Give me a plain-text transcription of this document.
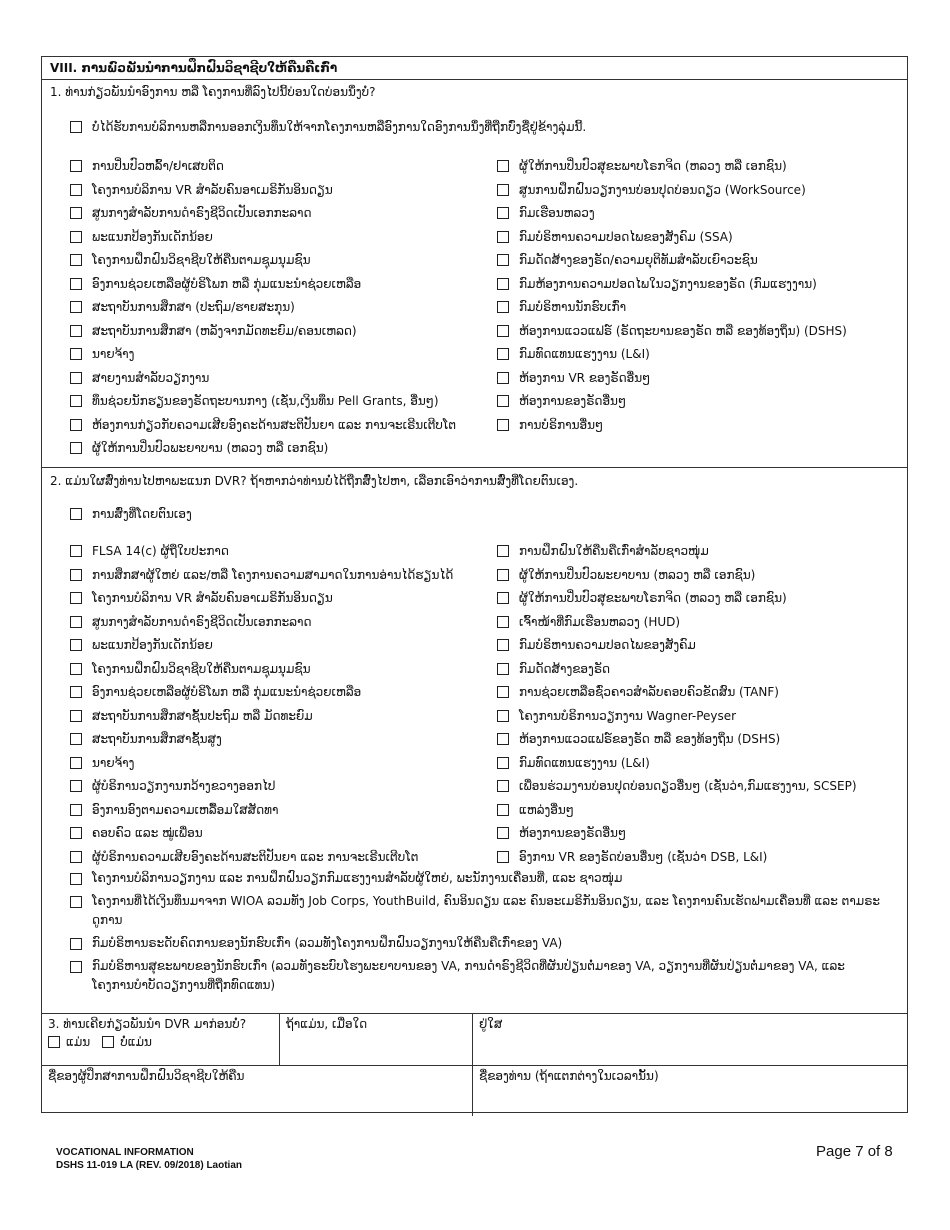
VIII. ການພົວພັນນຳການຝຶກຝົນວິຊາຊີບໃຫ້ຄືນຄືເກົ່າ
1. ທ່ານກ່ຽວພັນນຳອົງການ ຫລື ໂຄງການທີ່ລົງໄປນີ້ບ່ອນໃດບ່ອນນຶ່ງບໍ່?
ບໍ່ໄດ້ຮັບການບໍລິການຫລືການອອກເງິນທຶນໃຫ້ຈາກໂຄງການຫລືອົງການໃດອົງການນຶ່ງທີ່ຖືກບົ່ງຊື່ຢູ່ຂ້າງລຸ່ມນີ້.
ການປິ່ນປົວຫລົ້າ/ຢາເສບຕິດ
ໂຄງການບໍລິການ VR ສຳລັບຄົນອາເມຣິກັນອິນດຽນ
ສູນກາງສຳລັບການດຳຣົງຊີວິດເປັນເອກກະລາດ
ພະແນກປ້ອງກັນເດັກນ້ອຍ
ໂຄງການຝຶກຝົນວິຊາຊີບໃຫ້ຄືນຕາມຊຸມນຸມຊົນ
ອົງການຊ່ວຍເຫລືອຜູ້ບໍຣິໂພກ ຫລື ກຸ່ມແນະນຳຊ່ວຍເຫລືອ
ສະຖາບັນການສຶກສາ (ປະຖົມ/ຮາຍສະກຸນ)
ສະຖາບັນການສຶກສາ (ຫລັງຈາກມັດທະຍົມ/ຄອນເຫລດ)
ນາຍຈ້າງ
ສາຍງານສຳລັບວຽກງານ
ທຶນຊ່ວຍນັກຮຽນຂອງຣັດຖະບານກາງ (ເຊັ່ນ,ເງິນທຶນ Pell Grants, ອື່ນໆ)
ຫ້ອງການກ່ຽວກັບຄວາມເສີຍອົງຄະດ້ານສະຕິປັນຍາ ແລະ ການຈະເຣີນເຕີບໂຕ
ຜູ້ໃຫ້ການປິ່ນປົວພະຍາບານ (ຫລວງ ຫລື ເອກຊົນ)
ຜູ້ໃຫ້ການປິ່ນປົວສຸຂະພາບໂຣກຈິດ (ຫລວງ ຫລື ເອກຊົນ)
ສູນການຝຶກຝົນວຽກງານບ່ອນປຸດບ່ອນດຽວ (WorkSource)
ກົມເຮືອນຫລວງ
ກົມບໍຣິຫານຄວາມປອດໄພຂອງສັງຄົມ (SSA)
ກົມດັດສ້າງຂອງຣັດ/ຄວາມຍຸຕິທັມສຳລັບເຍົາວະຊົນ
ກົມຫ້ອງການຄວາມປອດໄພໃນວຽກງານຂອງຣັດ (ກົມແຮງງານ)
ກົມບໍຣິຫານນັກຮົບເກົ່າ
ຫ້ອງການແວວແຟຣ໌ (ຣັດຖະບານຂອງຣັດ ຫລື ຂອງທ້ອງຖິ່ນ) (DSHS)
ກົມທົດແທນແຮງງານ (L&I)
ຫ້ອງການ VR ຂອງຣັດອື່ນໆ
ຫ້ອງການຂອງຣັດອື່ນໆ
ການບໍຣິການອື່ນໆ
2. ແມ່ນໃຜສົ່ງທ່ານໄປຫາພະແນກ DVR? ຖ້າຫາກວ່າທ່ານບໍ່ໄດ້ຖືກສົ່ງໄປຫາ, ເລືອກເອົາວ່າການສົ່ງທີ່ໂດຍຕົນເອງ.
ການສົ່ງທີ່ໂດຍຕົນເອງ
FLSA 14(c) ຜູ້ຖືໃບປະກາດ
ການສຶກສາຜູ້ໃຫຍ່ ແລະ/ຫລື ໂຄງການຄວາມສາມາດໃນການອ່ານໄດ້ຮຽນໄດ້
ໂຄງການບໍລິການ VR ສຳລັບຄົນອາເມຣິກັນອິນດຽນ
ສູນກາງສຳລັບການດຳຣົງຊີວິດເປັນເອກກະລາດ
ພະແນກປ້ອງກັນເດັກນ້ອຍ
ໂຄງການຝຶກຝົນວິຊາຊີບໃຫ້ຄືນຕາມຊຸມນຸມຊົນ
ອົງການຊ່ວຍເຫລືອຜູ້ບໍຣິໂພກ ຫລື ກຸ່ມແນະນຳຊ່ວຍເຫລືອ
ສະຖາບັນການສຶກສາຊັ້ນປະຖົມ ຫລື ມັດທະຍົມ
ສະຖາບັນການສຶກສາຊັ້ນສູງ
ນາຍຈ້າງ
ຜູ້ບໍຣິການວຽກງານກວ້າງຂວາງອອກໄປ
ອົງການອົງຕາມຄວາມເຫລື້ອມໃສສັດທາ
ຄອບຄົວ ແລະ ໝູ່ເພື່ອນ
ຜູ້ບໍຣິການຄວາມເສີຍອົງຄະດ້ານສະຕິປັນຍາ ແລະ ການຈະເຣີນເຕີບໂຕ
ການຝຶກຝົນໃຫ້ຄືນຄືເກົ່າສຳລັບຊາວໜຸ່ມ
ຜູ້ໃຫ້ການປິ່ນປົວພະຍາບານ (ຫລວງ ຫລື ເອກຊົນ)
ຜູ້ໃຫ້ການປິ່ນປົວສຸຂະພາບໂຣກຈິດ (ຫລວງ ຫລື ເອກຊົນ)
ເຈົ້າໜ້າທີ່ກົມເຮືອນຫລວງ (HUD)
ກົມບໍຣິຫານຄວາມປອດໄພຂອງສັງຄົມ
ກົມດັດສ້າງຂອງຣັດ
ການຊ່ວຍເຫລືອຊົ່ວຄາວສຳລັບຄອບຄົວຂັດສົນ (TANF)
ໂຄງການບໍຣິການວຽກງານ Wagner-Peyser
ຫ້ອງການແວວແຟຣ໌ຂອງຣັດ ຫລື ຂອງທ້ອງຖິ່ນ (DSHS)
ກົມທົດແທນແຮງງານ (L&I)
ເພື່ອນຮ່ວມງານບ່ອນປຸດບ່ອນດຽວອື່ນໆ (ເຊັ່ນວ່າ,ກົມແຮງງານ, SCSEP)
ແຫລ່ງອື່ນໆ
ຫ້ອງການຂອງຣັດອື່ນໆ
ອົງການ VR ຂອງຣັດບ່ອນອື່ນໆ (ເຊັ່ນວ່າ DSB, L&I)
ໂຄງການບໍລິການວຽກງານ ແລະ ການຝຶກຝົນວຽກກົມແຮງງານສຳລັບຜູ້ໃຫຍ່, ພະນັກງານເຄື່ອນທີ່, ແລະ ຊາວໜຸ່ມ
ໂຄງການທີ່ໄດ້ເງິນທຶນມາຈາກ WIOA ລວມທັງ Job Corps, YouthBuild, ຄົນອິນດຽນ ແລະ ຄົນອະເມຣິກັນອິນດຽນ, ແລະ ໂຄງການຄົນເຮັດຟາມເຄື່ອນທີ່ ແລະ ຕາມຣະດູການ
ກົມບໍຣິຫານຣະດັບຄົດການຂອງນັກຮົບເກົ່າ (ລວມທັງໂຄງການຝຶກຝົນວຽກງານໃຫ້ຄືນຄືເກົ່າຂອງ VA)
ກົມບໍຣິຫານສຸຂະພາບຂອງນັກຮົບເກົ່າ (ລວມທັງຣະບົບໂຮງພະຍາບານຂອງ VA, ການດຳຣົງຊີວິດທີ່ຜັນປ່ຽນຕໍ່ມາຂອງ VA, ວຽກງານທີ່ຜັນປ່ຽນຕໍ່ມາຂອງ VA, ແລະ ໂຄງການບຳບັດວຽກງານທີ່ຖືກທົດແທນ)
3. ທ່ານເຄີຍກ່ຽວພັນນຳ DVR ມາກ່ອນບໍ່?
ແມ່ນ	ບໍ່ແມ່ນ
ຖ້າແມ່ນ, ເມື່ອໃດ	ຢູ່ໃສ
ຊື່ຂອງຜູ້ປຶກສາການຝຶກຝົນວິຊາຊີບໃຫ້ຄືນ	ຊື່ຂອງທ່ານ (ຖ້າແຕກຕ່າງໃນເວລານັ້ນ)
VOCATIONAL INFORMATION
DSHS 11-019 LA (REV. 09/2018) Laotian
Page 7 of 8
